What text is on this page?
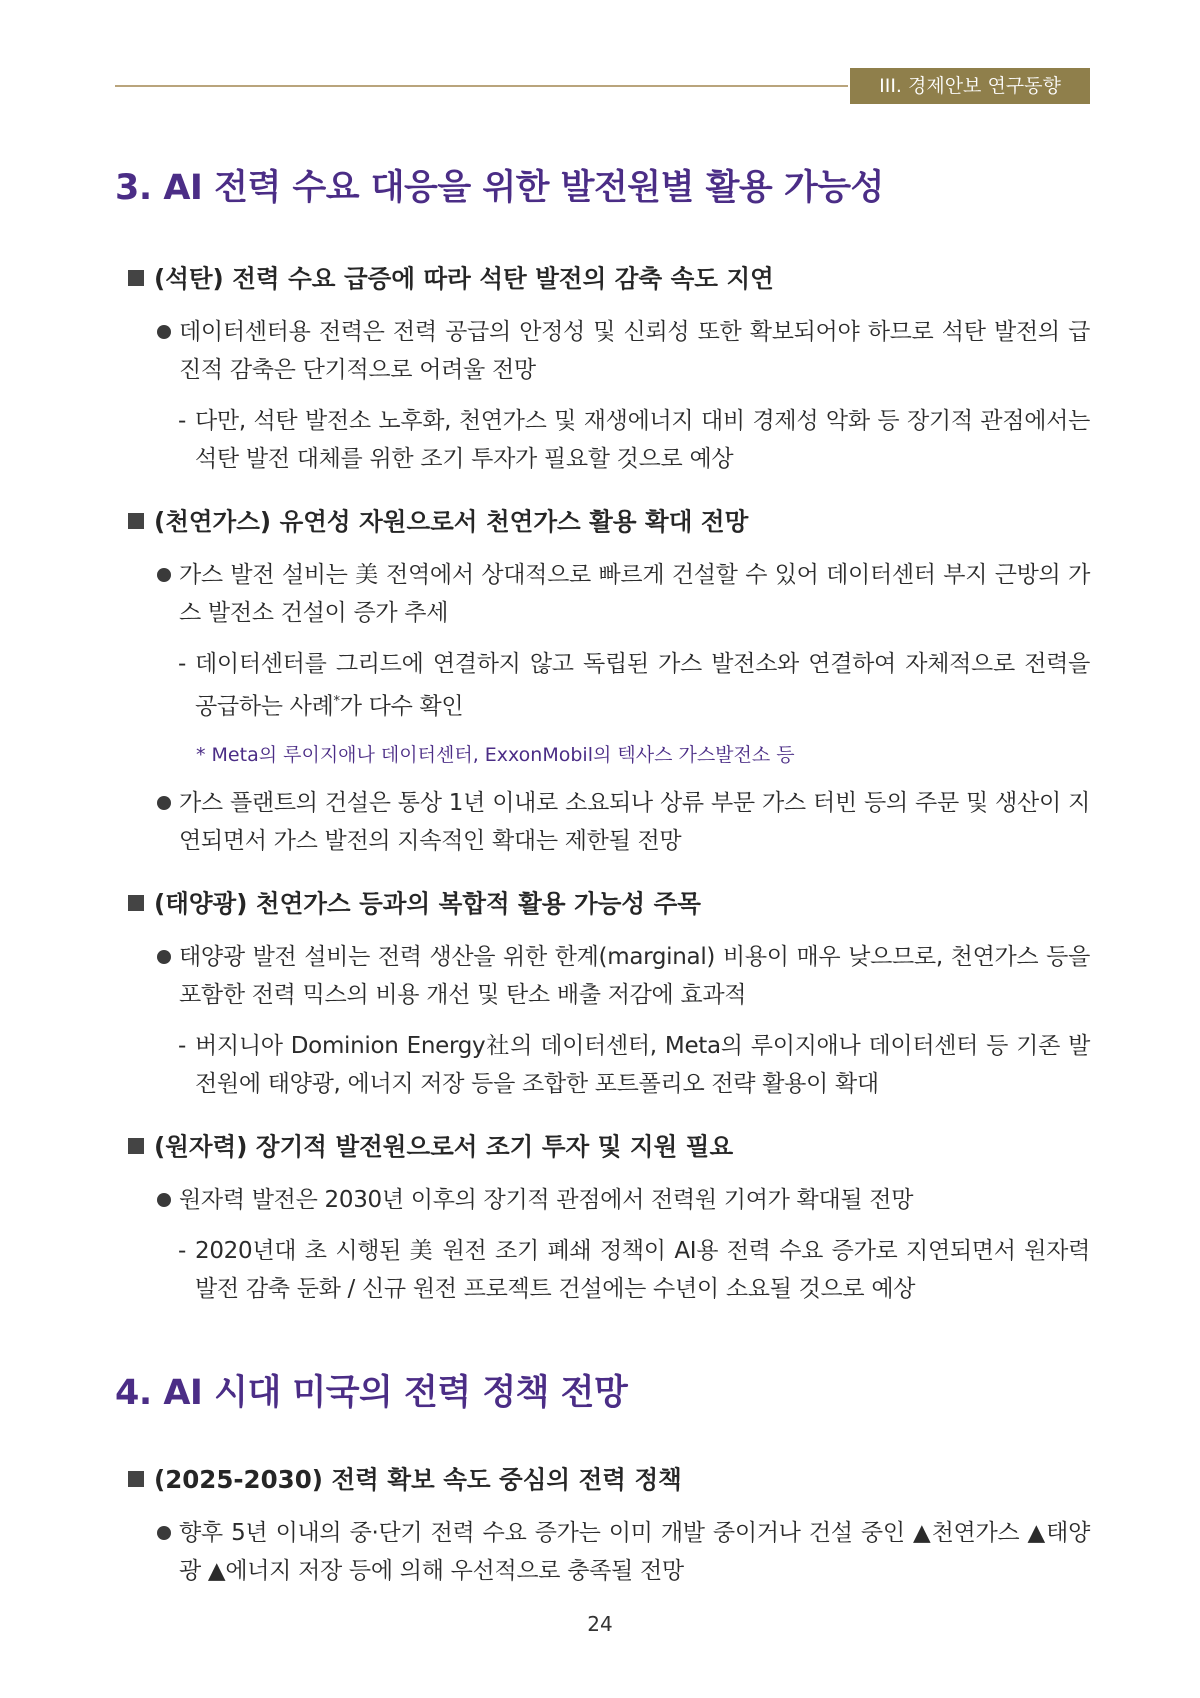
III. 경제안보 연구동향
3. AI 전력 수요 대응을 위한 발전원별 활용 가능성
(석탄) 전력 수요 급증에 따라 석탄 발전의 감축 속도 지연
데이터센터용 전력은 전력 공급의 안정성 및 신뢰성 또한 확보되어야 하므로 석탄 발전의 급진적 감축은 단기적으로 어려울 전망
- 다만, 석탄 발전소 노후화, 천연가스 및 재생에너지 대비 경제성 악화 등 장기적 관점에서는 석탄 발전 대체를 위한 조기 투자가 필요할 것으로 예상
(천연가스) 유연성 자원으로서 천연가스 활용 확대 전망
가스 발전 설비는 美 전역에서 상대적으로 빠르게 건설할 수 있어 데이터센터 부지 근방의 가스 발전소 건설이 증가 추세
- 데이터센터를 그리드에 연결하지 않고 독립된 가스 발전소와 연결하여 자체적으로 전력을 공급하는 사례*가 다수 확인
* Meta의 루이지애나 데이터센터, ExxonMobil의 텍사스 가스발전소 등
가스 플랜트의 건설은 통상 1년 이내로 소요되나 상류 부문 가스 터빈 등의 주문 및 생산이 지연되면서 가스 발전의 지속적인 확대는 제한될 전망
(태양광) 천연가스 등과의 복합적 활용 가능성 주목
태양광 발전 설비는 전력 생산을 위한 한계(marginal) 비용이 매우 낮으므로, 천연가스 등을 포함한 전력 믹스의 비용 개선 및 탄소 배출 저감에 효과적
- 버지니아 Dominion Energy社의 데이터센터, Meta의 루이지애나 데이터센터 등 기존 발전원에 태양광, 에너지 저장 등을 조합한 포트폴리오 전략 활용이 확대
(원자력) 장기적 발전원으로서 조기 투자 및 지원 필요
원자력 발전은 2030년 이후의 장기적 관점에서 전력원 기여가 확대될 전망
- 2020년대 초 시행된 美 원전 조기 폐쇄 정책이 AI용 전력 수요 증가로 지연되면서 원자력 발전 감축 둔화 / 신규 원전 프로젝트 건설에는 수년이 소요될 것으로 예상
4. AI 시대 미국의 전력 정책 전망
(2025-2030) 전력 확보 속도 중심의 전력 정책
향후 5년 이내의 중·단기 전력 수요 증가는 이미 개발 중이거나 건설 중인 ▲천연가스 ▲태양광 ▲에너지 저장 등에 의해 우선적으로 충족될 전망
24
